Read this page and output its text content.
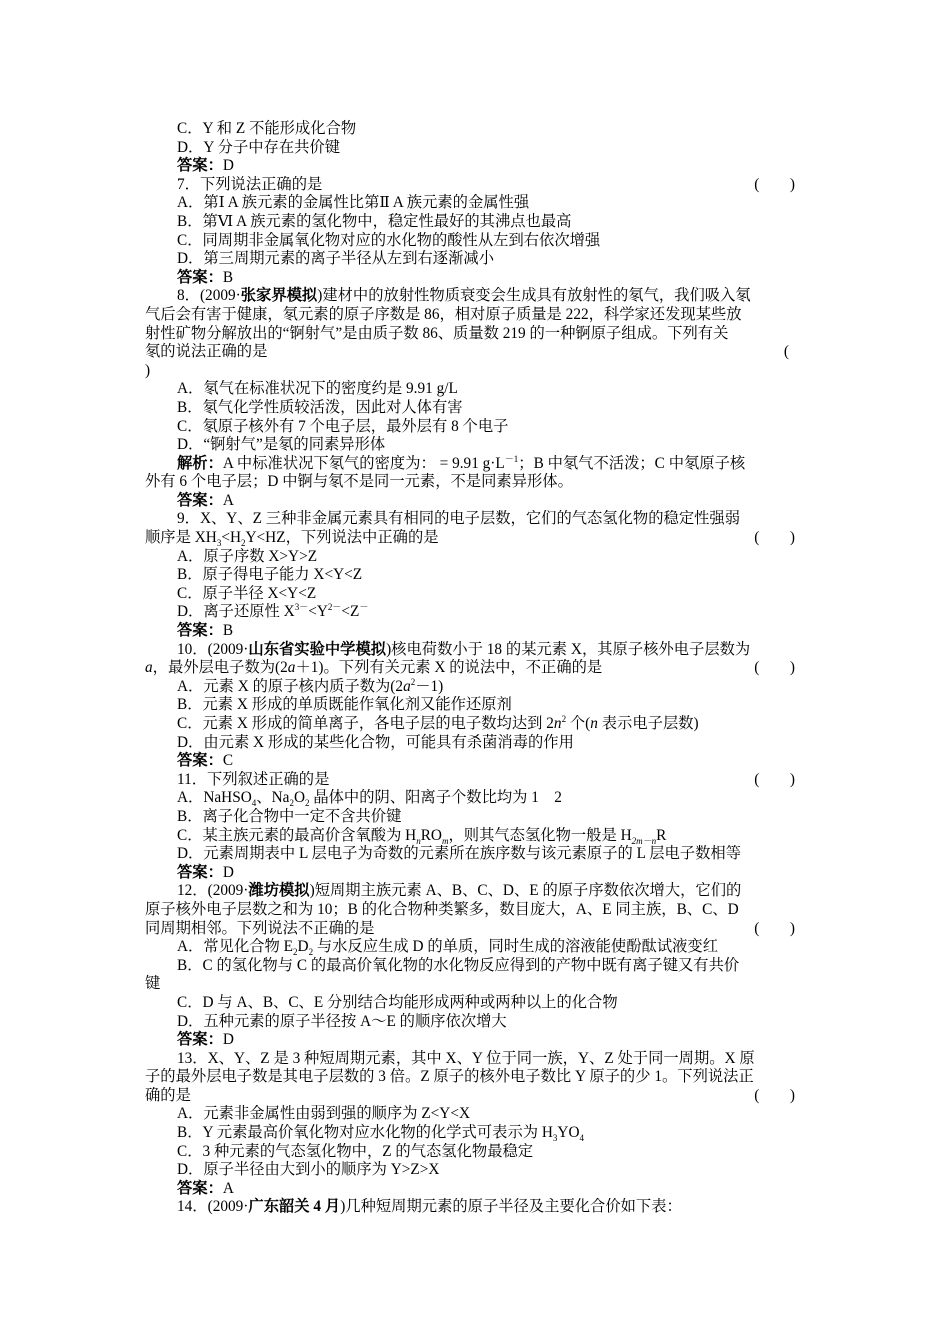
C．Y 和 Z 不能形成化合物
D．Y 分子中存在共价键
答案：D
7．下列说法正确的是	(　　)
A．第Ⅰ A 族元素的金属性比第Ⅱ A 族元素的金属性强
B．第Ⅵ A 族元素的氢化物中，稳定性最好的其沸点也最高
C．同周期非金属氧化物对应的水化物的酸性从左到右依次增强
D．第三周期元素的离子半径从左到右逐渐减小
答案：B
8．(2009·张家界模拟)建材中的放射性物质衰变会生成具有放射性的氡气，我们吸入氡
气后会有害于健康，氡元素的原子序数是 86，相对原子质量是 222，科学家还发现某些放
射性矿物分解放出的“锕射气”是由质子数 86、质量数 219 的一种锕原子组成。下列有关
氡的说法正确的是	(
)
A．氡气在标准状况下的密度约是 9.91 g/L
B．氡气化学性质较活泼，因此对人体有害
C．氡原子核外有 7 个电子层，最外层有 8 个电子
D．“锕射气”是氡的同素异形体
解析：A 中标准状况下氡气的密度为： = 9.91 $g\cdot L^{-1}$；B 中氡气不活泼；C 中氡原子核
外有 6 个电子层；D 中锕与氡不是同一元素，不是同素异形体。
答案：A
9．X、Y、Z 三种非金属元素具有相同的电子层数，它们的气态氢化物的稳定性强弱
顺序是 $XH_3<H_2Y<HZ$，下列说法中正确的是	(　　)
A．原子序数 X>Y>Z
B．原子得电子能力 X<Y<Z
C．原子半径 X<Y<Z
D．离子还原性 $X^{3-}<Y^{2-}<Z^-$
答案：B
10．(2009·山东省实验中学模拟)核电荷数小于 18 的某元素 X，其原子核外电子层数为
a，最外层电子数为(2a＋1)。下列有关元素 X 的说法中，不正确的是	(　　)
A．元素 X 的原子核内质子数为$(2a^2-1)$
B．元素 X 形成的单质既能作氧化剂又能作还原剂
C．元素 X 形成的简单离子，各电子层的电子数均达到 $2n^2$ 个(n 表示电子层数)
D．由元素 X 形成的某些化合物，可能具有杀菌消毒的作用
答案：C
11．下列叙述正确的是	(　　)
A．NaHSO$_4$、$Na_2O_2$ 晶体中的阴、阳离子个数比均为 1　2
B．离子化合物中一定不含共价键
C．某主族元素的最高价含氧酸为 $H_nRO_m$，则其气态氢化物一般是 $H_{2m-n}R$
D．元素周期表中 L 层电子为奇数的元素所在族序数与该元素原子的 L 层电子数相等
答案：D
12．(2009·潍坊模拟)短周期主族元素 A、B、C、D、E 的原子序数依次增大，它们的
原子核外电子层数之和为 10；B 的化合物种类繁多，数目庞大，A、E 同主族，B、C、D
同周期相邻。下列说法不正确的是	(　　)
A．常见化合物 $E_2D_2$ 与水反应生成 D 的单质，同时生成的溶液能使酚酞试液变红
B．C 的氢化物与 C 的最高价氧化物的水化物反应得到的产物中既有离子键又有共价
键
C．D 与 A、B、C、E 分别结合均能形成两种或两种以上的化合物
D．五种元素的原子半径按 A～E 的顺序依次增大
答案：D
13．X、Y、Z 是 3 种短周期元素，其中 X、Y 位于同一族，Y、Z 处于同一周期。X 原
子的最外层电子数是其电子层数的 3 倍。Z 原子的核外电子数比 Y 原子的少 1。下列说法正
确的是	(　　)
A．元素非金属性由弱到强的顺序为 Z<Y<X
B．Y 元素最高价氧化物对应水化物的化学式可表示为 $H_3YO_4$
C．3 种元素的气态氢化物中，Z 的气态氢化物最稳定
D．原子半径由大到小的顺序为 Y>Z>X
答案：A
14．(2009·广东韶关 4 月)几种短周期元素的原子半径及主要化合价如下表：
